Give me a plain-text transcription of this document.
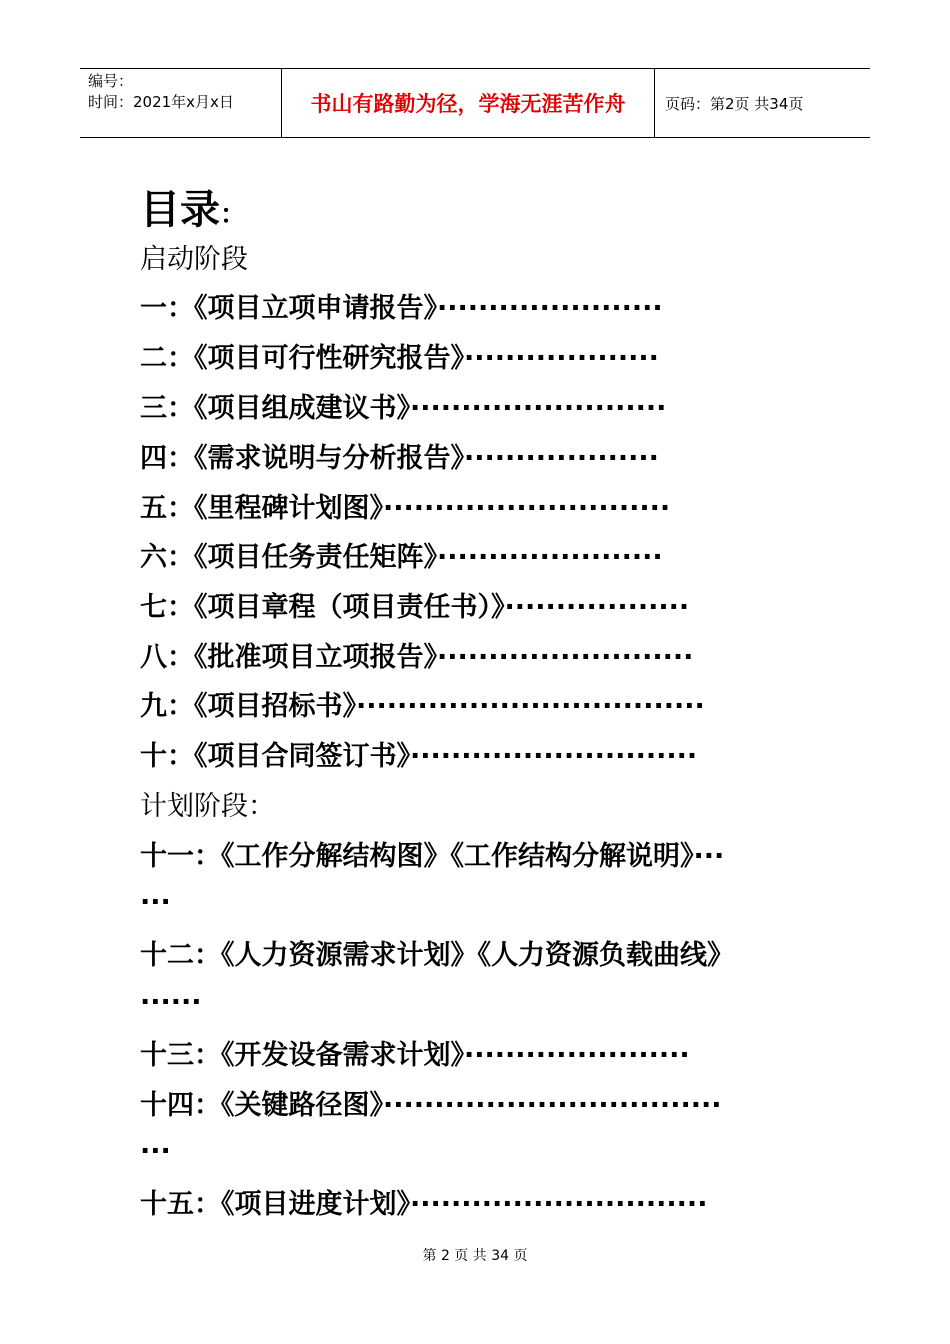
编号：
时间：2021年x月x日	书山有路勤为径，学海无涯苦作舟	页码：第2页 共34页
目录：
启动阶段
一：《项目立项申请报告》······················
二：《项目可行性研究报告》···················
三：《项目组成建议书》·························
四：《需求说明与分析报告》···················
五：《里程碑计划图》····························
六：《项目任务责任矩阵》······················
七：《项目章程（项目责任书）》··················
八：《批准项目立项报告》·························
九：《项目招标书》··································
十：《项目合同签订书》····························
计划阶段：
十一：《工作分解结构图》《工作结构分解说明》···
···
十二：《人力资源需求计划》《人力资源负载曲线》
······
十三：《开发设备需求计划》······················
十四：《关键路径图》·································
···
十五：《项目进度计划》·····························
第 2 页 共 34 页
